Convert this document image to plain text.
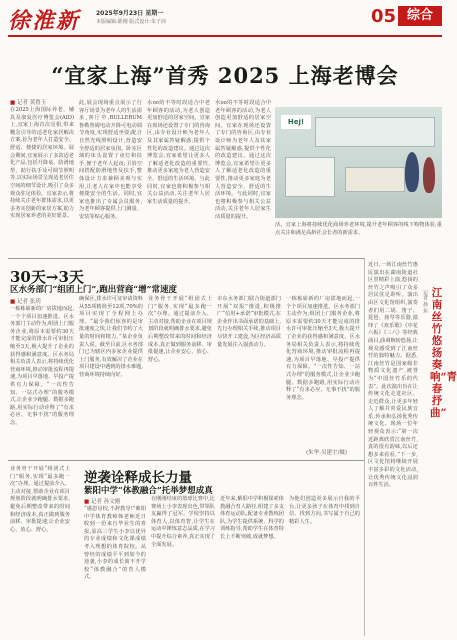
徐淮新	2025年9月23日 星期一
本版编辑:陈刚 版式设计:朱子沛	05 综合
“宜家上海”首秀 2025 上海老博会
■ 记者 黄鲁玉
在2025上海国际养老、辅具及康复医疗博览会(AID)上,宜家上海首次亮相,带来概念引导的适老化家居解决方案,旨为老年人打造安全、舒适、便捷的居家环境。展会期间,宜家展示了多款适老化产品,包括升降桌、防滑地垫、助行扶手及可调节照明等,以实际场景呈现适老居住空间的细节设计,吸引了众多观众驻足体验。宜家表示,将持续关注老年群体需求,以更多务实创新的家居方案,助力实现居家养老的美好愿景。
此,展会现场重点展示了行客厅场景为老年人的生活需求,客厅中,BULLERUM 鲁勒鲁姆电动升降可电动调节角度,实现舒适坐姿;配合自然光线照明设计,营造安全舒适的居家氛围。卧室区域的床头设置了夜灯和扶手,便于老年人起夜;卫浴空间搭配防滑地垫及扶手,整体设计力求兼顾美观与实用,让老人在家中也能享受便捷安全的生活。同时,宜家也推出了专属会员服务,为老年顾客提供上门测量、安装等贴心服务。
水oo的不等时段适合中老年顾客的活动,为老人创造更加舒适的居家空间。宜家在现场还设置了专门的咨询区,由专业设计师为老年人及其家属答疑解惑,提供个性化的改造建议。通过这次博览会,宜家希望让更多人了解适老化改造的重要性,推动更多家庭为老人营造安全、舒适的生活环境。与此同时,宜家也将积极参与相关公益活动,关注老年人居家生活质量的提升。
水oo的不等时段适合中老年顾客的活动,为老人创造更加舒适的居家空间。宜家在现场还设置了专门的咨询区,由专业设计师为老年人及其家属答疑解惑,提供个性化的改造建议。通过这次博览会,宜家希望让更多人了解适老化改造的重要性,推动更多家庭为老人营造安全、舒适的生活环境。与此同时,宜家也将积极参与相关公益活动,关注老年人居家生活质量的提升。
Hej!
活。宜家上海将持续优化商场养老环境,提升老年顾客的线下购物体验,重点关注和满足高龄社会长者的新需求。
30天→3天
区水务部门“组团上门”,跑出营商“增”常速度
■ 记者 张玥
一栋栋崭新的厂房拔地而起,一个个项目加速推进。区水务部门主动作为,组团上门服务企业,将原本需要约30天才能完成的排水许可审批压缩至3天,极大提升了企业的获得感和满意度。区水务局相关负责人表示,将持续优化营商环境,推动审批流程再提速,为项目早落地、早投产提供有力保障。“一次性告知、一站式办理”的服务模式,让企业少跑腿、数据多跑路,用实际行动诠释了“有求必应、无事不扰”的服务理念。
确保区,排水许可证审请资料从55项精简至12项,70%的项目实现了全程网上办理。“最令我们惊喜的是审批速度之快,让我们节约了大量的时间和精力。”某企业负责人说。截至目前,区水务部门已为辖区内多家企业提供上门服务,有效解决了企业在项目建设中遇到的排水难题,营商环境持续向好。
业务骨干开展“组团式上门”服务,实现“最多跑一次”办理。通过提前介入、主动对接,帮助企业在项目规划阶段就明确排水要求,避免后期整改带来的时间和经济成本,真正做到服务前移、审批提速,让企业安心、放心、舒心。
市东水务部门联合街道部门开展“双报”推进,积极推广“信用+承诺”审批模式,在企业作出书面承诺的基础上,先行办理相关手续,推动项目尽快开工建设,为区经济高质量发展注入强劲动力。
一栋栋崭新的厂房拔地而起,一个个项目加速推进。区水务部门主动作为,组团上门服务企业,将原本需要约30天才能完成的排水许可审批压缩至3天,极大提升了企业的获得感和满意度。区水务局相关负责人表示,将持续优化营商环境,推动审批流程再提速,为项目早落地、早投产提供有力保障。“一次性告知、一站式办理”的服务模式,让企业少跑腿、数据多跑路,用实际行动诠释了“有求必应、无事不扰”的服务理念。
(朱华:吴建宇/摄)
业务骨干开展“组团式上门”服务,实现“最多跑一次”办理。通过提前介入、主动对接,帮助企业在项目规划阶段就明确排水要求,避免后期整改带来的时间和经济成本,真正做到服务前移、审批提速,让企业安心、放心、舒心。
逆袭诠释成长力量
紫阳中学“体教融合”托举梦想成真
■ 记者 孙文刚
“感恩母校,不辞教导!”紫阳中学体育教师韩老师近日收到一份来自毕业生的喜报,原高三学生小李以优异的专业成绩和文化课成绩考入理想的体育院校。从曾经的成绩平平到如今的逆袭,小李的成长离不开学校“体教融合”的育人模式。
在刚刚结束的篮球比赛中,比赛场上小李表现出色,带领队友赢得了冠军。学校坚持以体育人,以体育智,让学生在运动中锤炼意志品质,在学习中提升综合素养,真正实现了全面发展。
近年来,紫阳中学积极探索体教融合育人路径,组建了多支体育运动队,配备专业教练团队,为学生提供系统、科学的训练指导,帮助学生在体育特长上不断突破,成就梦想。
为他们创造更多展示自我的平台,让更多孩子在体育中找到自信、找到方向,书写属于自己的精彩人生。
江南丝竹悠扬奏响“青春抒曲”
记者 孙 东
近日,一场江南丝竹惠民演出在湖南街道社区里精彩上演,悠扬的丝竹之声吸引了众多居民驻足聆听。演出由区文化馆组织,演奏者们用二胡、笛子、琵琶、扬琴等乐器,演绎了《欢乐歌》《中花六板》《三六》等经典曲目,曲调婉转悠扬,让观众感受到了江南丝竹的独特魅力。据悉,江南丝竹是国家级非物质文化遗产,被誉为“中国丝竹乐的代表”。此次演出旨在让传统文化走进社区、走近群众,让更多年轻人了解并喜爱民族音乐,传承和弘扬优秀传统文化。现场一位年轻观众表示:“第一次近距离欣赏江南丝竹,真的很有韵味,以后还想多来看看。”下一步,区文化馆将继续开展丰富多彩的文化活动,让优秀传统文化浸润百姓生活。
